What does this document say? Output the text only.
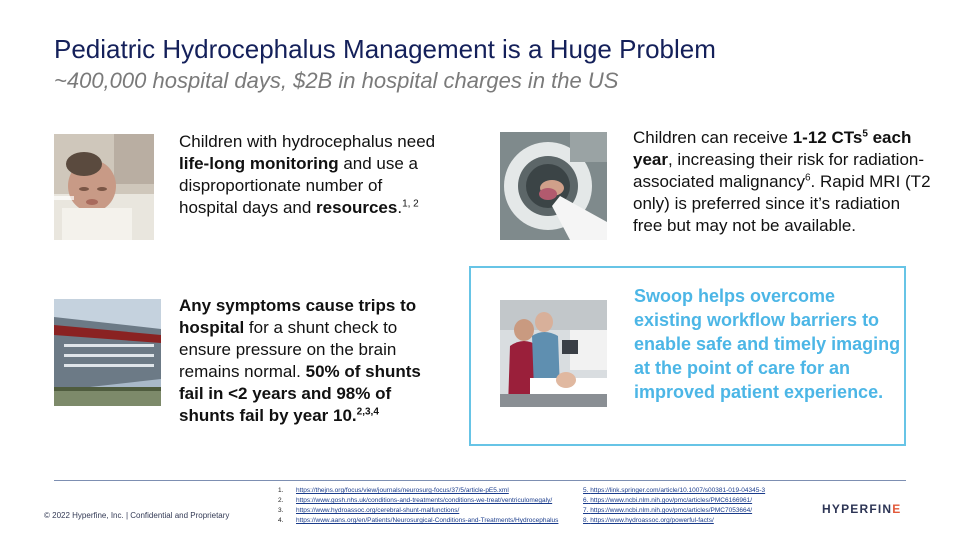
Pediatric Hydrocephalus Management is a Huge Problem
~400,000 hospital days, $2B in hospital charges in the US
Children with hydrocephalus need life-long monitoring and use a disproportionate number of hospital days and resources.$^{1, 2}$
Children can receive 1-12 CTs$^5$ each year, increasing their risk for radiation-associated malignancy$^6$. Rapid MRI (T2 only) is preferred since it’s radiation free but may not be available.
Any symptoms cause trips to hospital for a shunt check to ensure pressure on the brain remains normal. 50% of shunts fail in <2 years and 98% of shunts fail by year 10.$^{2,3,4}$
Swoop helps overcome existing workflow barriers to enable safe and timely imaging at the point of care for an improved patient experience.
© 2022 Hyperfine, Inc. | Confidential and Proprietary
1. https://thejns.org/focus/view/journals/neurosurg-focus/37/5/article-pE5.xml
2. https://www.gosh.nhs.uk/conditions-and-treatments/conditions-we-treat/ventriculomegaly/
3. https://www.hydroassoc.org/cerebral-shunt-malfunctions/
4. https://www.aans.org/en/Patients/Neurosurgical-Conditions-and-Treatments/Hydrocephalus
5. https://link.springer.com/article/10.1007/s00381-019-04345-3
6. https://www.ncbi.nlm.nih.gov/pmc/articles/PMC6166961/
7. https://www.ncbi.nlm.nih.gov/pmc/articles/PMC7053664/
8. https://www.hydroassoc.org/powerful-facts/
HYPERFINE
